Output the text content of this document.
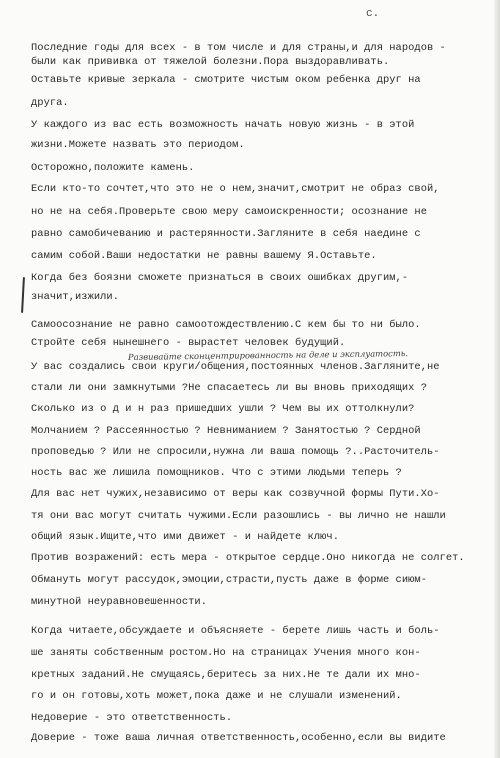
с.
Последние годы для всех - в том числе и для страны,и для народов -
были как прививка от тяжелой болезни.Пора выздоравливать.
Оставьте кривые зеркала - смотрите чистым оком ребенка друг на
друга.
У каждого из вас есть возможность начать новую жизнь - в этой
жизни.Можете назвать это периодом.
Осторожно,положите камень.
Если кто-то сочтет,что это не о нем,значит,смотрит не образ свой,
но не на себя.Проверьте свою меру самоискренности; осознание не
равно самобичеванию и растерянности.Загляните в себя наедине с
самим собой.Ваши недостатки не равны вашему Я.Оставьте.
Когда без боязни сможете признаться в своих ошибках другим,-
значит,изжили.
Самоосознание не равно самоотождествлению.С кем бы то ни было.
Стройте себя нынешнего - вырастет человек будущий.
У вас создались свои круги/общения,постоянных членов.Загляните,не
стали ли они замкнутыми ?Не спасаетесь ли вы вновь приходящих ?
Сколько из о д и н раз пришедших ушли ? Чем вы их оттолкнули?
Молчанием ? Рассеянностью ? Невниманием ? Занятостью ? Сердной
проповедью ? Или не спросили,нужна ли ваша помощь ?..Расточитель-
ность вас же лишила помощников. Что с этими людьми теперь ?
Для вас нет чужих,независимо от веры как созвучной формы Пути.Хо-
тя они вас могут считать чужими.Если разошлись - вы лично не нашли
общий язык.Ищите,что ими движет - и найдете ключ.
Против возражений: есть мера - открытое сердце.Оно никогда не солгет.
Обмануть могут рассудок,эмоции,страсти,пусть даже в форме сиюм-
минутной неуравновешенности.
Когда читаете,обсуждаете и объясняете - берете лишь часть и боль-
ше заняты собственным ростом.Но на страницах Учения много кон-
кретных заданий.Не смущаясь,беритесь за них.Не те дали их мно-
го и он готовы,хоть может,пока даже и не слушали изменений.
Недоверие - это ответственность.
Доверие - тоже ваша личная ответственность,особенно,если вы видите
Развивайте сконцентрированность на деле и эксплуатость.
